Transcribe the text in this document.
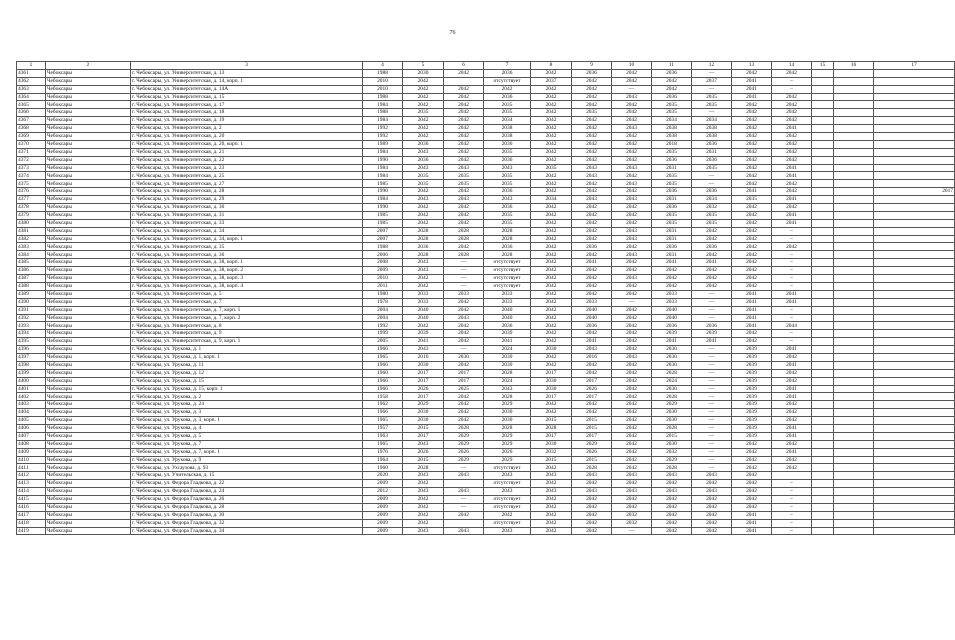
76
1	2	3	4	5	6	7	8	9	10	11	12	13	14	15	16	17
4361	Чебоксары	г. Чебоксары, ул. Университетская, д. 13	1988	2030	2042	2036	2042	2036	2042	2036	—	2042	2042			
4362	Чебоксары	г. Чебоксары, ул. Университетская, д. 14, корп. 1	2010	2042		отсутствует	2037	2042	2042	2042	2037	2041	–			
4363	Чебоксары	г. Чебоксары, ул. Университетская, д. 14А	2010	2042	2042	2042	2042	2042	—	2042	—	2041	–			
4364	Чебоксары	г. Чебоксары, ул. Университетская, д. 15	1988	2042	2042	2036	2042	2042	2043	2036	2035	2041	2042			
4365	Чебоксары	г. Чебоксары, ул. Университетская, д. 17	1984	2042	2042	2035	2042	2042	2042	2035	2035	2042	2042			
4366	Чебоксары	г. Чебоксары, ул. Университетская, д. 18	1988	2035	2042	2035	2042	2035	2042	2035	—	2042	2042			
4367	Чебоксары	г. Чебоксары, ул. Университетская, д. 19	1984	2042	2042	2034	2042	2042	2042	2034	2034	2042	2042			
4368	Чебоксары	г. Чебоксары, ул. Университетская, д. 2	1992	2042	2042	2038	2042	2042	2043	2038	2038	2042	2041			
4369	Чебоксары	г. Чебоксары, ул. Университетская, д. 20	1992	2042	2042	2038	2042	2042	2042	2038	2038	2042	2042			
4370	Чебоксары	г. Чебоксары, ул. Университетская, д. 20, корп. 1	1989	2036	2042	2036	2042	2042	2042	2018	2036	2042	2042			
4371	Чебоксары	г. Чебоксары, ул. Университетская, д. 21	1984	2043	2042	2035	2042	2042	2042	2035	2031	2042	2042			
4372	Чебоксары	г. Чебоксары, ул. Университетская, д. 22	1990	2036	2042	2036	2042	2042	2042	2036	2036	2042	2042			
4373	Чебоксары	г. Чебоксары, ул. Университетская, д. 23	1984	2043	2043	2043	2035	2043	2043	2031	2035	2042	2041			
4374	Чебоксары	г. Чебоксары, ул. Университетская, д. 25	1984	2035	2035	2035	2042	2043	2042	2035	—	2042	2041			
4375	Чебоксары	г. Чебоксары, ул. Университетская, д. 27	1985	2035	2035	2035	2042	2042	2043	2035	—	2042	2042			
4376	Чебоксары	г. Чебоксары, ул. Университетская, д. 28	1990	2042	2042	2036	2042	2042	2042	2036	2036	2041	2042			2017
4377	Чебоксары	г. Чебоксары, ул. Университетская, д. 29	1984	2043	2043	2043	2034	2043	2043	2031	2034	2035	2041			
4378	Чебоксары	г. Чебоксары, ул. Университетская, д. 30	1990	2042	2042	2036	2042	2042	2042	2036	2032	2042	2042			
4379	Чебоксары	г. Чебоксары, ул. Университетская, д. 31	1985	2042	2042	2035	2042	2042	2042	2035	2035	2042	2041			
4380	Чебоксары	г. Чебоксары, ул. Университетская, д. 33	1985	2042	2042	2035	2042	2042	2042	2035	2035	2042	2041			
4381	Чебоксары	г. Чебоксары, ул. Университетская, д. 34	2007	2028	2028	2028	2042	2042	2043	2031	2042	2042	–			
4382	Чебоксары	г. Чебоксары, ул. Университетская, д. 34, корп. 1	2007	2028	2028	2028	2042	2042	2043	2031	2042	2042	–			
4383	Чебоксары	г. Чебоксары, ул. Университетская, д. 35	1988	2036	2042	2036	2042	2036	2042	2036	2036	2042	2042			
4384	Чебоксары	г. Чебоксары, ул. Университетская, д. 36	2006	2028	2028	2028	2042	2042	2043	2031	2042	2042	–			
4385	Чебоксары	г. Чебоксары, ул. Университетская, д. 38, корп. 1	2008	2043	—	отсутствует	2042	2041	2042	2041	2041	2042	–			
4386	Чебоксары	г. Чебоксары, ул. Университетская, д. 38, корп. 2	2009	2043	—	отсутствует	2042	2042	2042	2042	2042	2042	–			
4387	Чебоксары	г. Чебоксары, ул. Университетская, д. 38, корп. 3	2010	2042	—	отсутствует	2042	2042	2043	2042	2042	2042	–			
4388	Чебоксары	г. Чебоксары, ул. Университетская, д. 38, корп. 4	2011	2042	—	отсутствует	2042	2042	2042	2042	2042	2042	–			
4389	Чебоксары	г. Чебоксары, ул. Университетская, д. 5	1980	2033	2033	2033	2042	2042	2042	2033	—	2041	2041			
4390	Чебоксары	г. Чебоксары, ул. Университетская, д. 7	1978	2033	2042	2033	2042	2033	—	2033	—	2041	2041			
4391	Чебоксары	г. Чебоксары, ул. Университетская, д. 7, корп. 1	2004	2040	2042	2040	2042	2040	2042	2040	—	2041	–			
4392	Чебоксары	г. Чебоксары, ул. Университетская, д. 7, корп. 2	2004	2040	2043	2040	2042	2040	2042	2040	—	2041	–			
4393	Чебоксары	г. Чебоксары, ул. Университетская, д. 8	1992	2042	2042	2036	2042	2036	2042	2036	2036	2041	2044			
4394	Чебоксары	г. Чебоксары, ул. Университетская, д. 9	1999	2039	2042	2039	2042	2042	2042	2039	2039	2042	–			
4395	Чебоксары	г. Чебоксары, ул. Университетская, д. 9, корп. 1	2005	2041	2042	2041	2042	2041	2042	2041	2041	2042	–			
4396	Чебоксары	г. Чебоксары, ул. Урукова, д. 1	1966	2043	—	2024	2030	2043	2042	2030	—	2039	2041			
4397	Чебоксары	г. Чебоксары, ул. Урукова, д. 1, корп. 1	1965	2016	2030	2030	2042	2016	2043	2030	—	2039	2042			
4398	Чебоксары	г. Чебоксары, ул. Урукова, д. 11	1966	2030	2042	2030	2042	2042	2042	2030	—	2039	2041			
4399	Чебоксары	г. Чебоксары, ул. Урукова, д. 12	1960	2017	2017	2028	2017	2042	2042	2028	—	2039	2042			
4400	Чебоксары	г. Чебоксары, ул. Урукова, д. 15	1966	2017	2017	2024	2030	2017	2042	2024	—	2039	2042			
4401	Чебоксары	г. Чебоксары, ул. Урукова, д. 15, корп. 1	1966	2026	2025	2043	2030	2026	2042	2030	—	2039	2041			
4402	Чебоксары	г. Чебоксары, ул. Урукова, д. 2	1958	2017	2042	2028	2017	2017	2042	2028	—	2039	2041			
4403	Чебоксары	г. Чебоксары, ул. Урукова, д. 24	1962	2029	2042	2029	2042	2042	2042	2029	—	2039	2042			
4404	Чебоксары	г. Чебоксары, ул. Урукова, д. 3	1966	2030	2042	2030	2042	2042	2042	2030	—	2039	2042			
4405	Чебоксары	г. Чебоксары, ул. Урукова, д. 3, корп. 1	1965	2030	2042	2030	2015	2015	2042	2030	—	2039	2042			
4406	Чебоксары	г. Чебоксары, ул. Урукова, д. 4	1957	2015	2028	2028	2028	2015	2042	2028	—	2039	2041			
4407	Чебоксары	г. Чебоксары, ул. Урукова, д. 5	1963	2017	2029	2029	2017	2017	2042	2015	—	2039	2041			
4408	Чебоксары	г. Чебоксары, ул. Урукова, д. 7	1965	2043	2029	2029	2030	2029	2042	2030	—	2042	2042			
4409	Чебоксары	г. Чебоксары, ул. Урукова, д. 7, корп. 1	1976	2026	2026	2026	2032	2026	2042	2032	—	2042	2041			
4410	Чебоксары	г. Чебоксары, ул. Урукова, д. 9	1964	2015	2029	2029	2015	2015	2042	2029	—	2042	2042			
4411	Чебоксары	г. Чебоксары, ул. Ухсаузова, д. 93	1960	2028	—	отсутствует	2042	2028	2042	2028	—	2042	2042			
4412	Чебоксары	г. Чебоксары, ул. Учительская, д. 15	2020	2043	2043	2043	2043	2043	2043	2043	2043	2042				
4413	Чебоксары	г. Чебоксары, ул. Федора Гладкова, д. 22	2009	2042		отсутствует	2042	2042	2042	2042	2042	2042	–			
4414	Чебоксары	г. Чебоксары, ул. Федора Гладкова, д. 24	2012	2043	2043	2043	2043	2043	2043	2043	2043	2042	–			
4415	Чебоксары	г. Чебоксары, ул. Федора Гладкова, д. 26	2009	2042	—	отсутствует	2042	2042	2042	2042	2042	2042	–			
4416	Чебоксары	г. Чебоксары, ул. Федора Гладкова, д. 28	2009	2042	—	отсутствует	2042	2042	2042	2042	2042	2042	–			
4417	Чебоксары	г. Чебоксары, ул. Федора Гладкова, д. 30	2009	2042	2042	2042	2042	2042	2032	2042	2042	2041	–			
4418	Чебоксары	г. Чебоксары, ул. Федора Гладкова, д. 32	2009	2042		отсутствует	2042	2042	2032	2042	2042	2041	–			
4419	Чебоксары	г. Чебоксары, ул. Федора Гладкова, д. 34	2009	2043	2043	2043	2042	2042	—	2042	2042	2041	–			
